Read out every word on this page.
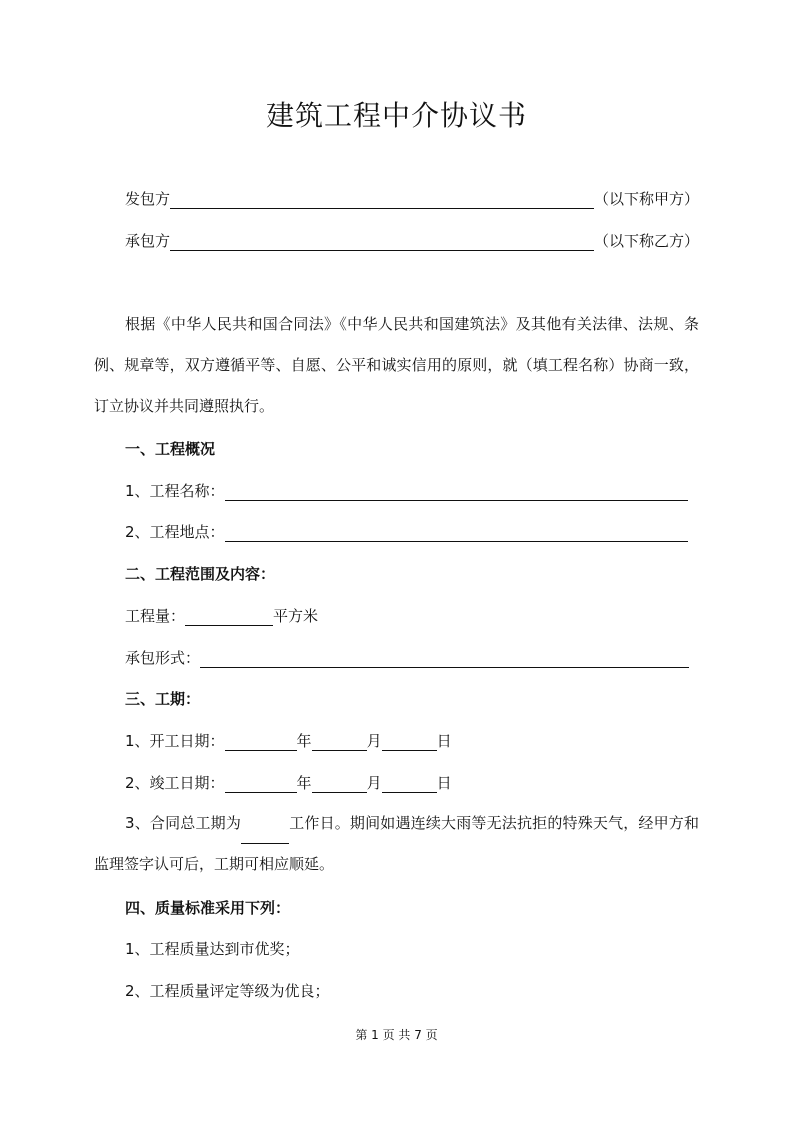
建筑工程中介协议书
发包方	（以下称甲方）
承包方	（以下称乙方）
根据《中华人民共和国合同法》《中华人民共和国建筑法》及其他有关法律、法规、条例、规章等，双方遵循平等、自愿、公平和诚实信用的原则，就（填工程名称）协商一致，订立协议并共同遵照执行。
一、工程概况
1、工程名称：
2、工程地点：
二、工程范围及内容：
工程量：	平方米
承包形式：
三、工期：
1、开工日期：	年	月	日
2、竣工日期：	年	月	日
3、合同总工期为	工作日。期间如遇连续大雨等无法抗拒的特殊天气，经甲方和监理签字认可后，工期可相应顺延。
四、质量标准采用下列：
1、工程质量达到市优奖；
2、工程质量评定等级为优良；
第 1 页 共 7 页
